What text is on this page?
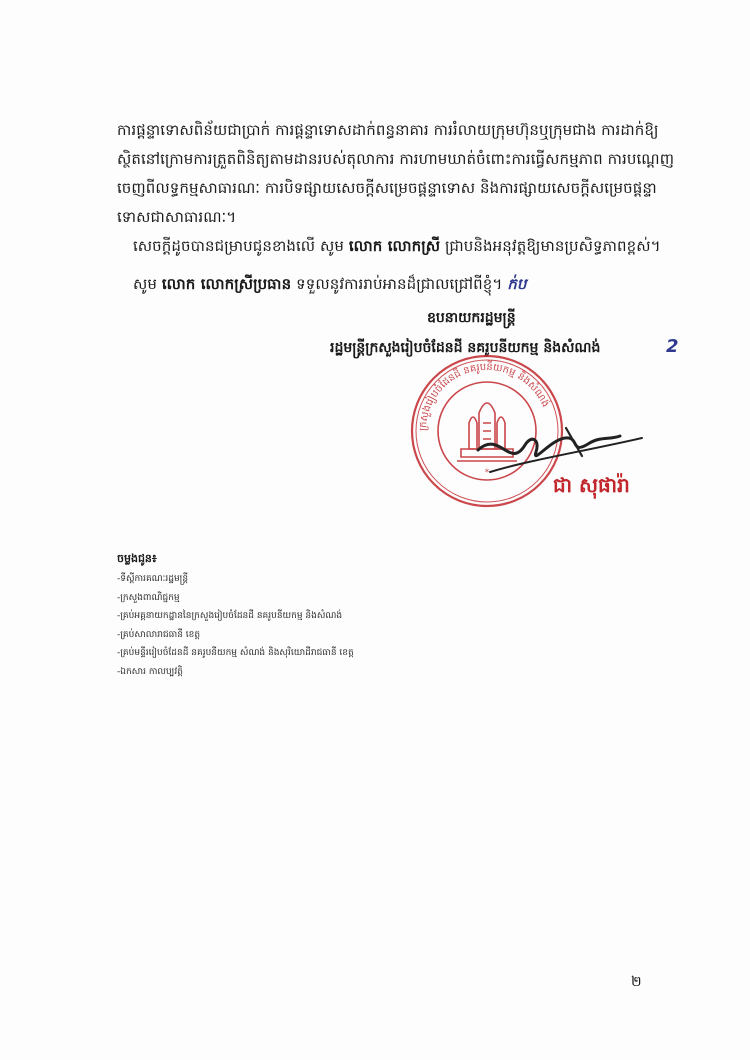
ការផ្តន្ទាទោសពិន័យជាប្រាក់ ការផ្តន្ទាទោសដាក់ពន្ធនាគារ ការរំលាយក្រុមហ៊ុនឬក្រុមជាង ការដាក់ឱ្យ
ស្ថិតនៅក្រោមការត្រួតពិនិត្យតាមដានរបស់តុលាការ ការហាមឃាត់ចំពោះការធ្វើសកម្មភាព ការបណ្តេញ
ចេញពីលទ្ធកម្មសាធារណៈ ការបិទផ្សាយសេចក្តីសម្រេចផ្តន្ទាទោស និងការផ្សាយសេចក្តីសម្រេចផ្តន្ទា
ទោសជាសាធារណៈ។
សេចក្តីដូចបានជម្រាបជូនខាងលើ សូម លោក លោកស្រី ជ្រាបនិងអនុវត្តឱ្យមានប្រសិទ្ធភាពខ្ពស់។
សូម លោក លោកស្រីប្រធាន ទទួលនូវការរាប់អានដ៏ជ្រាលជ្រៅពីខ្ញុំ។ ក់ប
ឧបនាយករដ្ឋមន្ត្រី
រដ្ឋមន្ត្រីក្រសួងរៀបចំដែនដី នគរូបនីយកម្ម និងសំណង់	2
ក្រសួងរៀបចំដែនដី នគរូបនីយកម្ម និងសំណង់
*	ជា សុផារ៉ា
ចម្លងជូន៖
-ទីស្តីការគណៈរដ្ឋមន្ត្រី
-ក្រសួងពាណិជ្ជកម្ម
-គ្រប់អគ្គនាយកដ្ឋាននៃក្រសួងរៀបចំដែនដី នគរូបនីយកម្ម និងសំណង់
-គ្រប់សាលារាជធានី ខេត្ត
-គ្រប់មន្ទីររៀបចំដែនដី នគរូបនីយកម្ម សំណង់ និងសុរិយោដីរាជធានី ខេត្ត
-ឯកសារ កាលប្បវត្តិ
២
